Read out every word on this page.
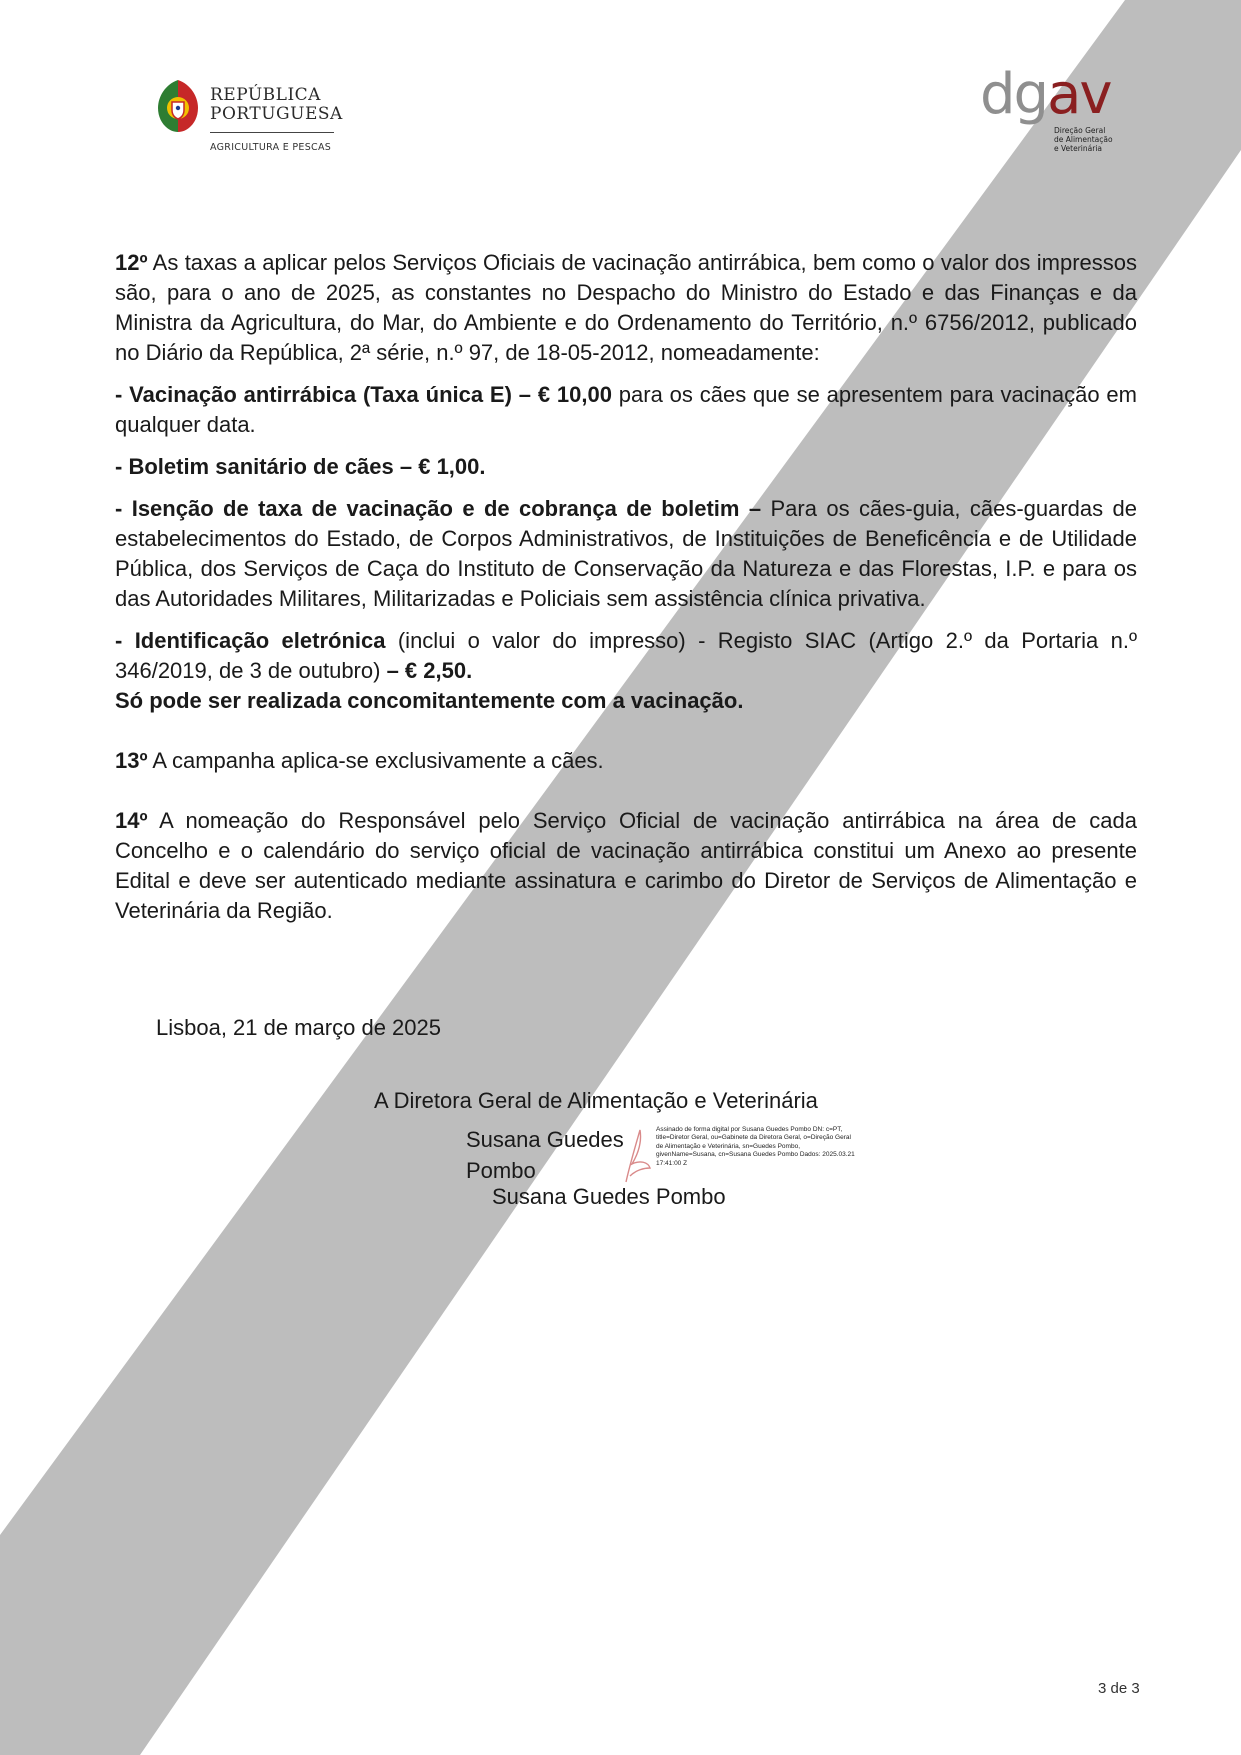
REPÚBLICA
PORTUGUESA
AGRICULTURA E PESCAS
dgav
Direção Geral
de Alimentação
e Veterinária

12º As taxas a aplicar pelos Serviços Oficiais de vacinação antirrábica, bem como o valor dos impressos são, para o ano de 2025, as constantes no Despacho do Ministro do Estado e das Finanças e da Ministra da Agricultura, do Mar, do Ambiente e do Ordenamento do Território, n.º 6756/2012, publicado no Diário da República, 2ª série, n.º 97, de 18-05-2012, nomeadamente:

- Vacinação antirrábica (Taxa única E) – € 10,00 para os cães que se apresentem para vacinação em qualquer data.

- Boletim sanitário de cães – € 1,00.

- Isenção de taxa de vacinação e de cobrança de boletim – Para os cães-guia, cães-guardas de estabelecimentos do Estado, de Corpos Administrativos, de Instituições de Beneficência e de Utilidade Pública, dos Serviços de Caça do Instituto de Conservação da Natureza e das Florestas, I.P. e para os das Autoridades Militares, Militarizadas e Policiais sem assistência clínica privativa.

- Identificação eletrónica (inclui o valor do impresso) - Registo SIAC (Artigo 2.º da Portaria n.º 346/2019, de 3 de outubro) – € 2,50.

Só pode ser realizada concomitantemente com a vacinação.

13º A campanha aplica-se exclusivamente a cães.

14º A nomeação do Responsável pelo Serviço Oficial de vacinação antirrábica na área de cada Concelho e o calendário do serviço oficial de vacinação antirrábica constitui um Anexo ao presente Edital e deve ser autenticado mediante assinatura e carimbo do Diretor de Serviços de Alimentação e Veterinária da Região.

Lisboa, 21 de março de 2025
A Diretora Geral de Alimentação e Veterinária
Susana Guedes
Pombo
Assinado de forma digital por Susana Guedes Pombo DN: c=PT, title=Diretor Geral, ou=Gabinete da Diretora Geral, o=Direção Geral de Alimentação e Veterinária, sn=Guedes Pombo, givenName=Susana, cn=Susana Guedes Pombo Dados: 2025.03.21 17:41:00 Z
Susana Guedes Pombo
3 de 3
